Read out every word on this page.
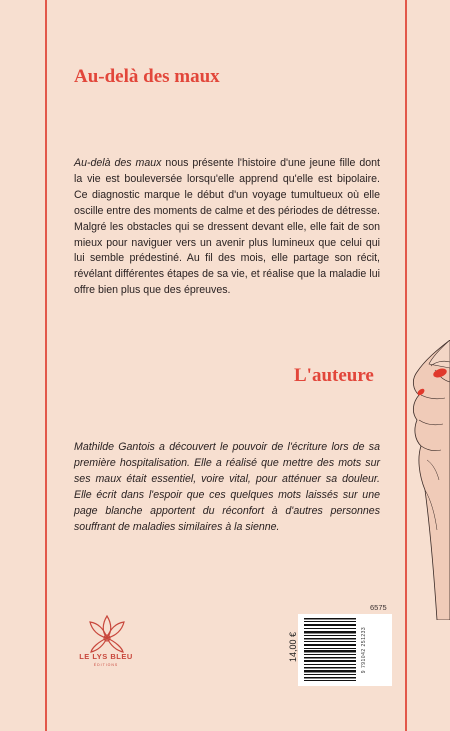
Au-delà des maux

Au-delà des maux nous présente l'histoire d'une jeune fille dont la vie est bouleversée lorsqu'elle apprend qu'elle est bipolaire. Ce diagnostic marque le début d'un voyage tumultueux où elle oscille entre des moments de calme et des périodes de détresse. Malgré les obstacles qui se dressent devant elle, elle fait de son mieux pour naviguer vers un avenir plus lumineux que celui qui lui semble prédestiné. Au fil des mois, elle partage son récit, révélant différentes étapes de sa vie, et réalise que la maladie lui offre bien plus que des épreuves.

L'auteure

Mathilde Gantois a découvert le pouvoir de l'écriture lors de sa première hospitalisation. Elle a réalisé que mettre des mots sur ses maux était essentiel, voire vital, pour atténuer sa douleur. Elle écrit dans l'espoir que ces quelques mots laissés sur une page blanche apportent du réconfort à d'autres personnes souffrant de maladies similaires à la sienne.

LE LYS BLEU
ÉDITIONS
6575
14,00 €	9 791042 251233
